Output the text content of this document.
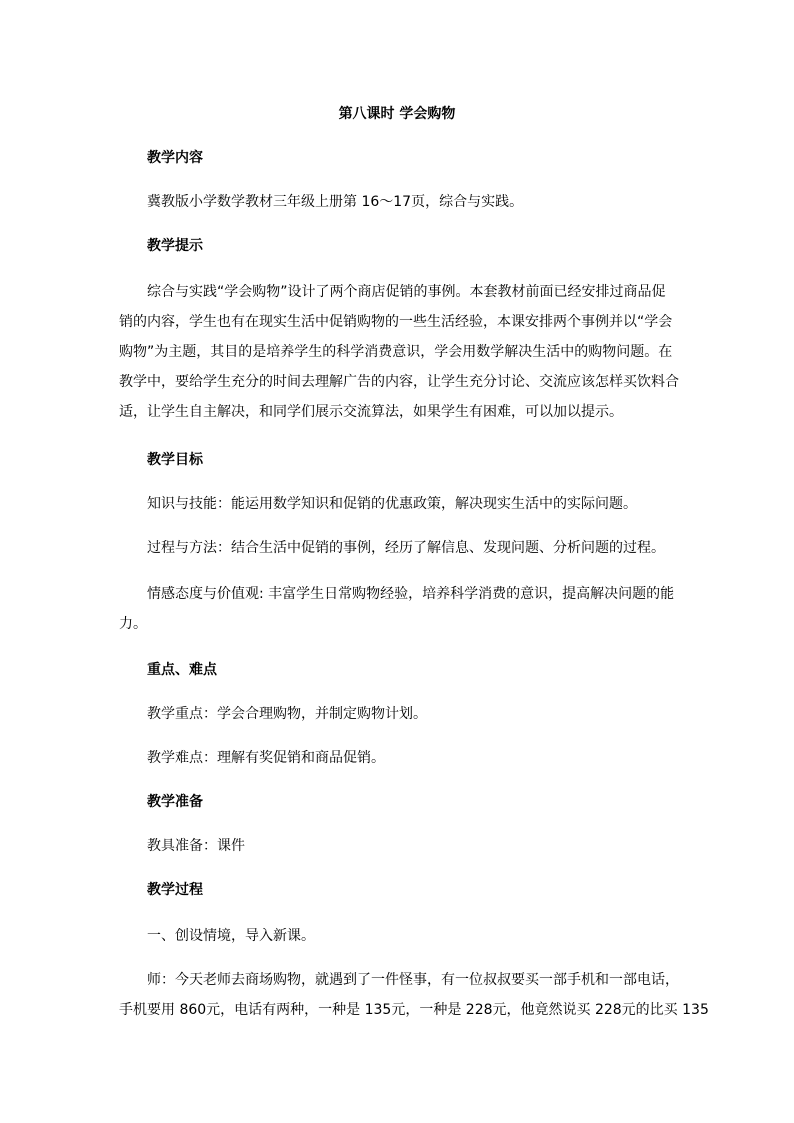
第八课时 学会购物
教学内容
冀教版小学数学教材三年级上册第 16～17页，综合与实践。
教学提示
综合与实践“学会购物”设计了两个商店促销的事例。本套教材前面已经安排过商品促
销的内容，学生也有在现实生活中促销购物的一些生活经验，本课安排两个事例并以“学会
购物”为主题，其目的是培养学生的科学消费意识，学会用数学解决生活中的购物问题。在
教学中，要给学生充分的时间去理解广告的内容，让学生充分讨论、交流应该怎样买饮料合
适，让学生自主解决，和同学们展示交流算法，如果学生有困难，可以加以提示。
教学目标
知识与技能：能运用数学知识和促销的优惠政策，解决现实生活中的实际问题。
过程与方法：结合生活中促销的事例，经历了解信息、发现问题、分析问题的过程。
情感态度与价值观: 丰富学生日常购物经验，培养科学消费的意识，提高解决问题的能
力。
重点、难点
教学重点：学会合理购物，并制定购物计划。
教学难点：理解有奖促销和商品促销。
教学准备
教具准备：课件
教学过程
一、创设情境，导入新课。
师：今天老师去商场购物，就遇到了一件怪事，有一位叔叔要买一部手机和一部电话，
手机要用 860元，电话有两种，一种是 135元，一种是 228元，他竟然说买 228元的比买 135
